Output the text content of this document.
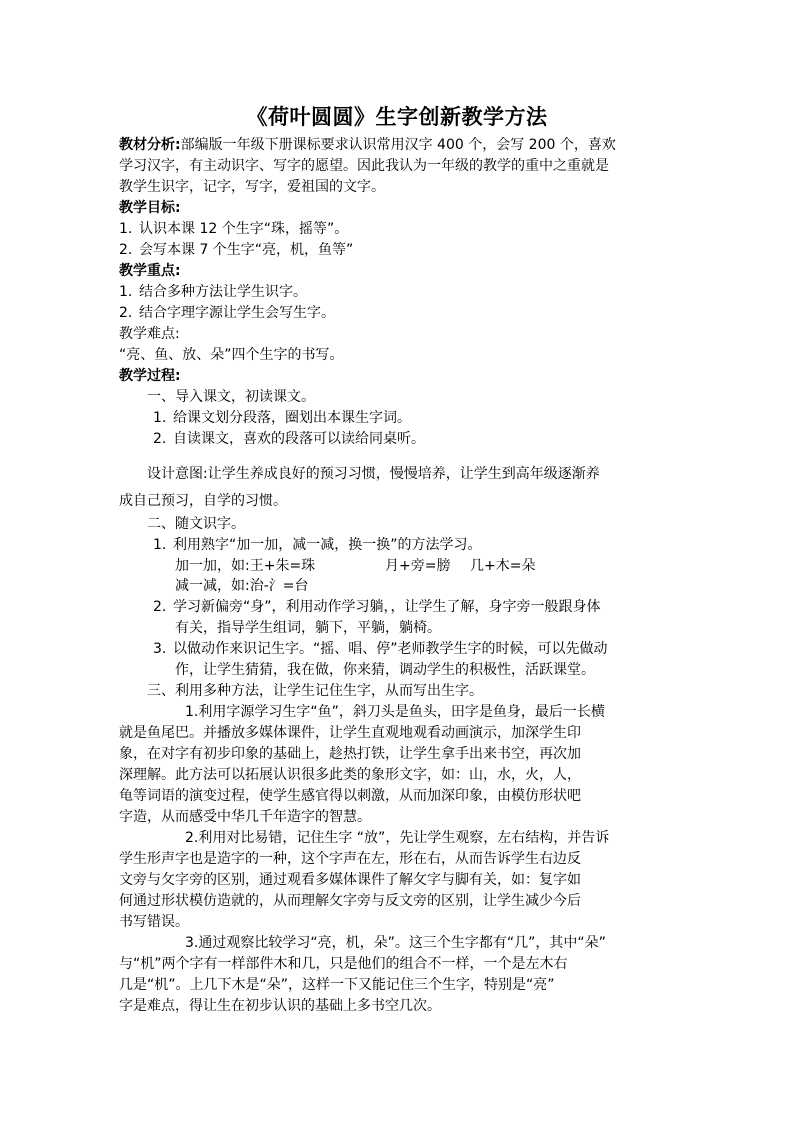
《荷叶圆圆》生字创新教学方法
教材分析:部编版一年级下册课标要求认识常用汉字 400 个，会写 200 个，喜欢
学习汉字，有主动识字、写字的愿望。因此我认为一年级的教学的重中之重就是
教学生识字，记字，写字，爱祖国的文字。
教学目标:
1. 认识本课 12 个生字“珠，摇等”。
2. 会写本课 7 个生字“亮，机，鱼等”
教学重点:
1. 结合多种方法让学生识字。
2. 结合字理字源让学生会写生字。
教学难点:
“亮、鱼、放、朵”四个生字的书写。
教学过程:
一、导入课文，初读课文。
1. 给课文划分段落，圈划出本课生字词。
2. 自读课文，喜欢的段落可以读给同桌听。
设计意图:让学生养成良好的预习习惯，慢慢培养，让学生到高年级逐渐养
成自己预习，自学的习惯。
二、随文识字。
1. 利用熟字“加一加，减一减，换一换”的方法学习。
加一加，如:王+朱=珠	月+旁=膀 几+木=朵
减一减，如:治-氵=台
2. 学习新偏旁“身”，利用动作学习躺，，让学生了解，身字旁一般跟身体
有关，指导学生组词，躺下，平躺，躺椅。
3. 以做动作来识记生字。“摇、唱、停”老师教学生字的时候，可以先做动
作，让学生猜猜，我在做，你来猜，调动学生的积极性，活跃课堂。
三、利用多种方法，让学生记住生字，从而写出生字。
1.利用字源学习生字“鱼”，斜刀头是鱼头，田字是鱼身，最后一长横
就是鱼尾巴。并播放多媒体课件，让学生直观地观看动画演示，加深学生印
象，在对字有初步印象的基础上，趁热打铁，让学生拿手出来书空，再次加
深理解。此方法可以拓展认识很多此类的象形文字，如：山，水，火，人，
龟等词语的演变过程，使学生感官得以刺激，从而加深印象，由模仿形状吧
字造，从而感受中华几千年造字的智慧。
2.利用对比易错，记住生字 “放”，先让学生观察，左右结构，并告诉
学生形声字也是造字的一种，这个字声在左，形在右，从而告诉学生右边反
文旁与攵字旁的区别，通过观看多媒体课件了解攵字与脚有关，如：复字如
何通过形状模仿造就的，从而理解攵字旁与反文旁的区别，让学生减少今后
书写错误。
3.通过观察比较学习“亮，机，朵”。这三个生字都有“几”，其中“朵”
与“机”两个字有一样部件木和几，只是他们的组合不一样，一个是左木右
几是“机”。上几下木是“朵”，这样一下又能记住三个生字，特别是“亮”
字是难点，得让生在初步认识的基础上多书空几次。
